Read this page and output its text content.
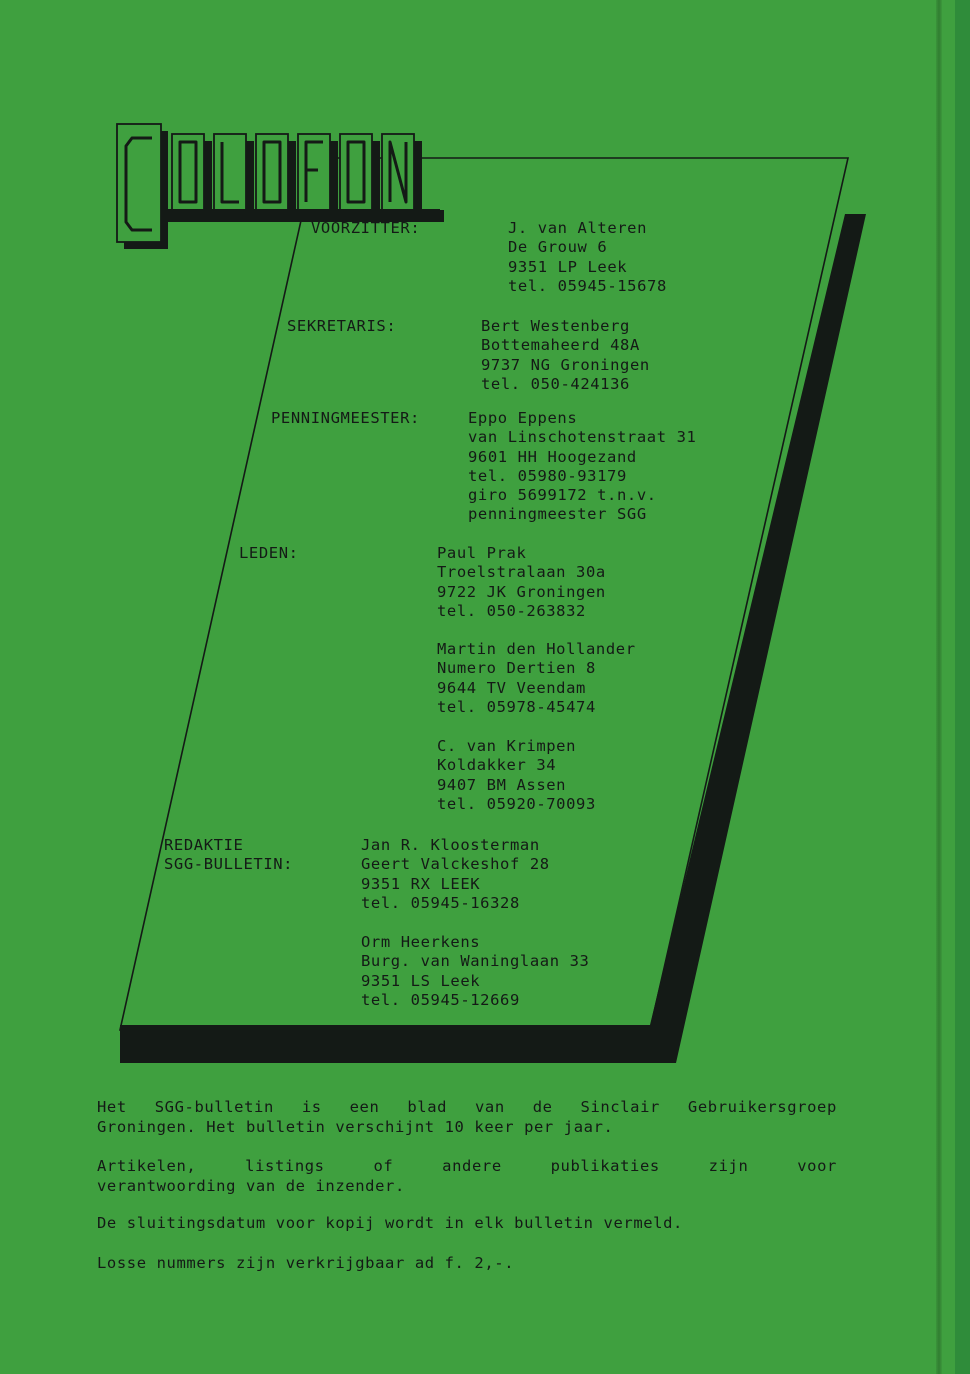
VOORZITTER:	J. van Alteren
De Grouw 6
9351 LP Leek
tel. 05945-15678
SEKRETARIS:	Bert Westenberg
Bottemaheerd 48A
9737 NG Groningen
tel. 050-424136
PENNINGMEESTER:	Eppo Eppens
van Linschotenstraat 31
9601 HH Hoogezand
tel. 05980-93179
giro 5699172 t.n.v.
penningmeester SGG
LEDEN:	Paul Prak
Troelstralaan 30a
9722 JK Groningen
tel. 050-263832
Martin den Hollander
Numero Dertien 8
9644 TV Veendam
tel. 05978-45474
C. van Krimpen
Koldakker 34
9407 BM Assen
tel. 05920-70093
REDAKTIE
SGG-BULLETIN:
Jan R. Kloosterman
Geert Valckeshof 28
9351 RX LEEK
tel. 05945-16328
Orm Heerkens
Burg. van Waninglaan 33
9351 LS Leek
tel. 05945-12669
Het SGG-bulletin is een blad van de Sinclair Gebruikersgroep
Groningen. Het bulletin verschijnt 10 keer per jaar.
Artikelen,	listings	of	andere	publikaties	zijn	voor
verantwoording van de inzender.
De sluitingsdatum voor kopij wordt in elk bulletin vermeld.
Losse nummers zijn verkrijgbaar ad f. 2,-.
